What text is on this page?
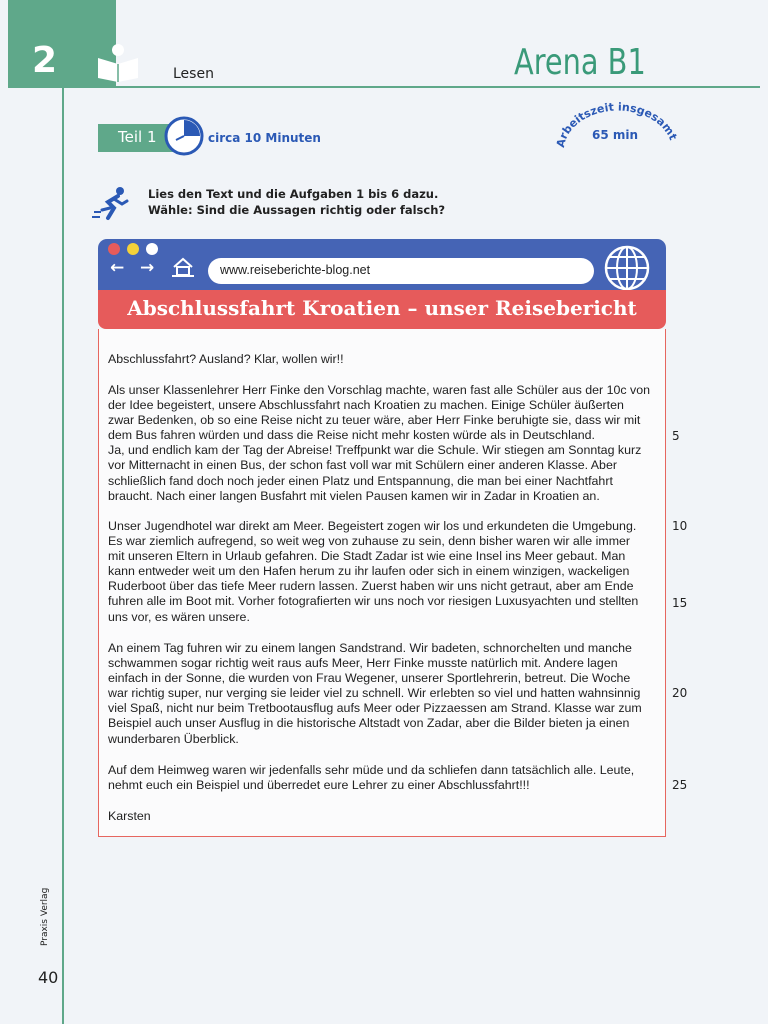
2	Lesen	Arena B1
Arbeitszeit insgesamt
65 min
Teil 1	circa 10 Minuten
Lies den Text und die Aufgaben 1 bis 6 dazu.
Wähle: Sind die Aussagen richtig oder falsch?
← →	www.reiseberichte-blog.net
Abschlussfahrt Kroatien – unser Reisebericht

Abschlussfahrt? Ausland? Klar, wollen wir!!

Als unser Klassenlehrer Herr Finke den Vorschlag machte, waren fast alle Schüler aus der 10c von

der Idee begeistert, unsere Abschlussfahrt nach Kroatien zu machen. Einige Schüler äußerten

zwar Bedenken, ob so eine Reise nicht zu teuer wäre, aber Herr Finke beruhigte sie, dass wir mit

dem Bus fahren würden und dass die Reise nicht mehr kosten würde als in Deutschland.

Ja, und endlich kam der Tag der Abreise! Treffpunkt war die Schule. Wir stiegen am Sonntag kurz

vor Mitternacht in einen Bus, der schon fast voll war mit Schülern einer anderen Klasse. Aber

schließlich fand doch noch jeder einen Platz und Entspannung, die man bei einer Nachtfahrt

braucht. Nach einer langen Busfahrt mit vielen Pausen kamen wir in Zadar in Kroatien an.

Unser Jugendhotel war direkt am Meer. Begeistert zogen wir los und erkundeten die Umgebung.

Es war ziemlich aufregend, so weit weg von zuhause zu sein, denn bisher waren wir alle immer

mit unseren Eltern in Urlaub gefahren. Die Stadt Zadar ist wie eine Insel ins Meer gebaut. Man

kann entweder weit um den Hafen herum zu ihr laufen oder sich in einem winzigen, wackeligen

Ruderboot über das tiefe Meer rudern lassen. Zuerst haben wir uns nicht getraut, aber am Ende

fuhren alle im Boot mit. Vorher fotografierten wir uns noch vor riesigen Luxusyachten und stellten

uns vor, es wären unsere.

An einem Tag fuhren wir zu einem langen Sandstrand. Wir badeten, schnorchelten und manche

schwammen sogar richtig weit raus aufs Meer, Herr Finke musste natürlich mit. Andere lagen

einfach in der Sonne, die wurden von Frau Wegener, unserer Sportlehrerin, betreut. Die Woche

war richtig super, nur verging sie leider viel zu schnell. Wir erlebten so viel und hatten wahnsinnig

viel Spaß, nicht nur beim Tretbootausflug aufs Meer oder Pizzaessen am Strand. Klasse war zum

Beispiel auch unser Ausflug in die historische Altstadt von Zadar, aber die Bilder bieten ja einen

wunderbaren Überblick.

Auf dem Heimweg waren wir jedenfalls sehr müde und da schliefen dann tatsächlich alle. Leute,

nehmt euch ein Beispiel und überredet eure Lehrer zu einer Abschlussfahrt!!!

Karsten

5
10
15
20
25
Praxis Verlag
40
